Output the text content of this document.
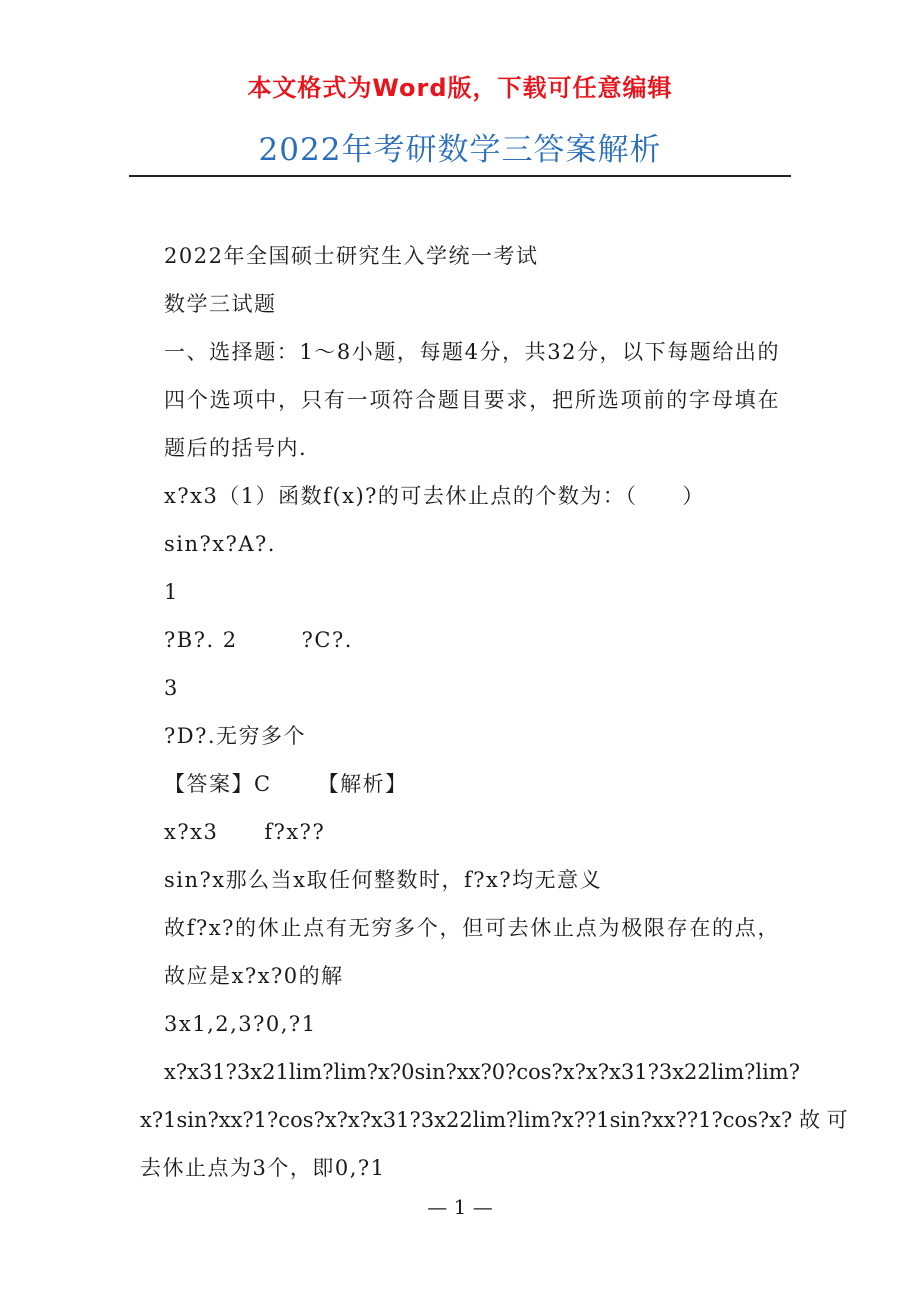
本文格式为Word版，下载可任意编辑
2022年考研数学三答案解析
2022年全国硕士研究生入学统一考试
数学三试题
一、选择题：1～8小题，每题4分，共32分，以下每题给出的四个选项中，只有一项符合题目要求，把所选项前的字母填在题后的括号内.
x?x3（1）函数f(x)?的可去休止点的个数为：（　　）
sin?x?A?.
1
?B?. 2	?C?.
3
?D?.无穷多个
【答案】C 【解析】
x?x3 f?x??
sin?x那么当x取任何整数时，f?x?均无意义
故f?x?的休止点有无穷多个，但可去休止点为极限存在的点，故应是x?x?0的解
3x1,2,3?0,?1
x?x31?3x21lim?lim?x?0sin?xx?0?cos?x?x?x31?3x22lim?lim?
x?1sin?xx?1?cos?x?x?x31?3x22lim?lim?x??1sin?xx??1?cos?x? 故 可
去休止点为3个，即0,?1
— 1 —
